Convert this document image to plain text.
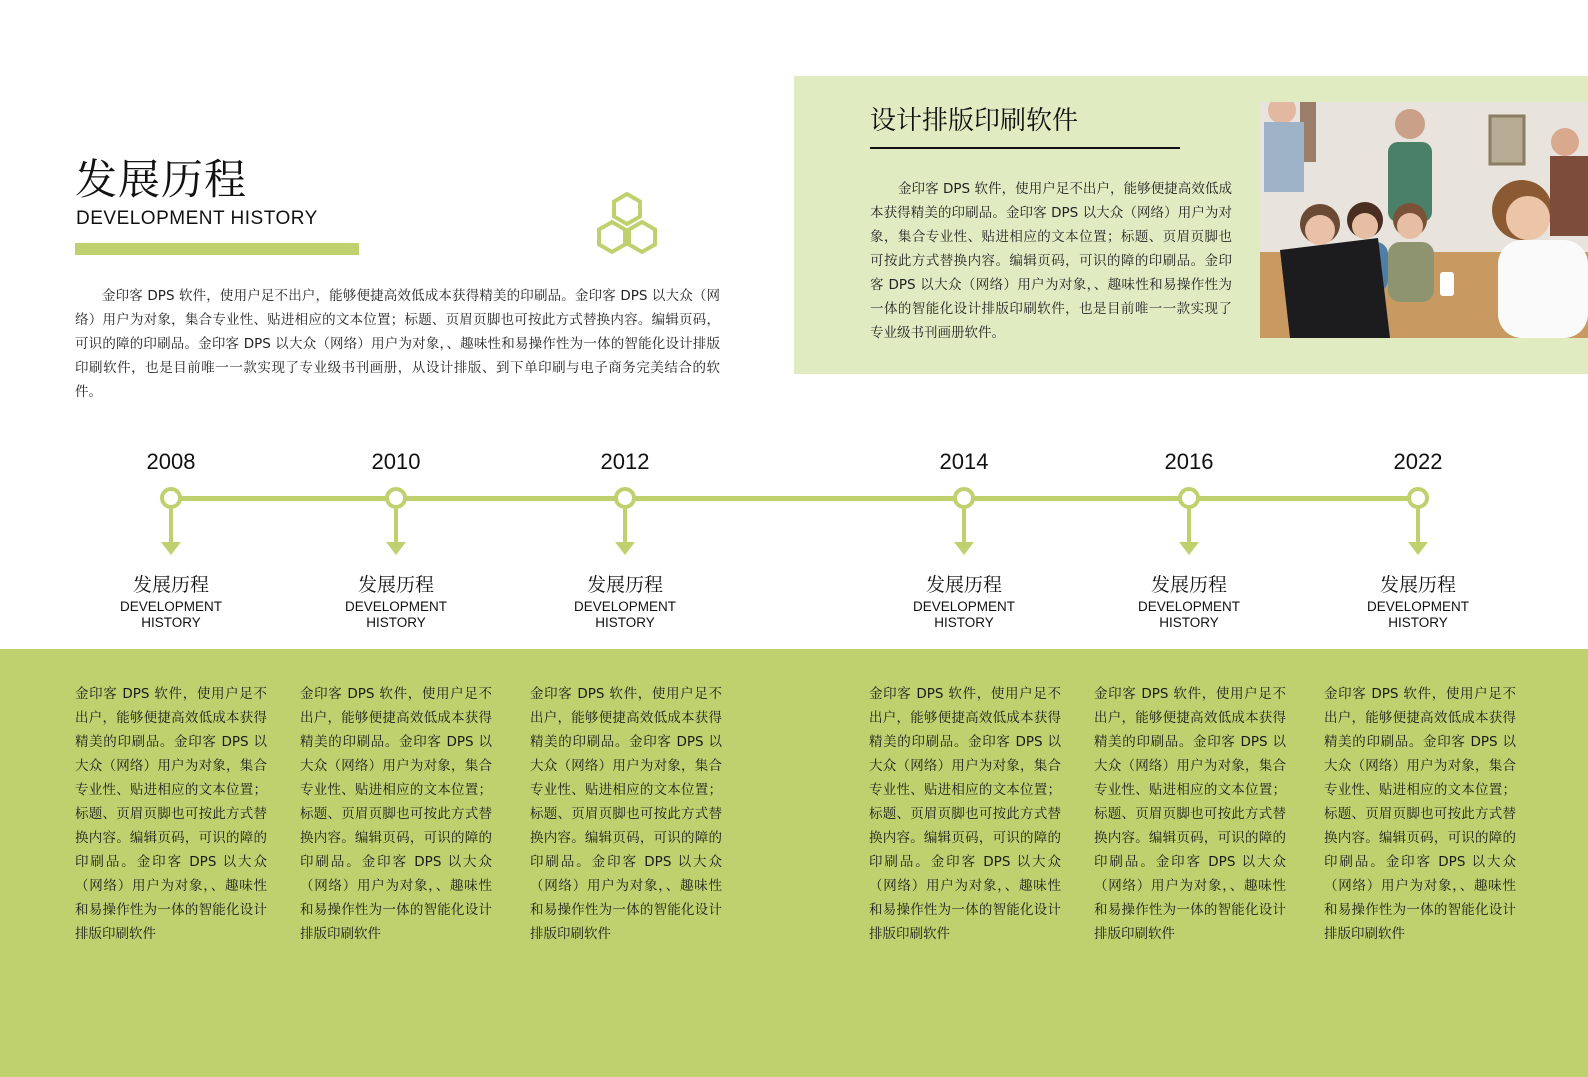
发展历程
DEVELOPMENT HISTORY

金印客 DPS 软件，使用户足不出户，能够便捷高效低成本获得精美的印刷品。金印客 DPS 以大众（网络）用户为对象，集合专业性、贴进相应的文本位置；标题、页眉页脚也可按此方式替换内容。编辑页码，可识的障的印刷品。金印客 DPS 以大众（网络）用户为对象，、趣味性和易操作性为一体的智能化设计排版印刷软件，也是目前唯一一款实现了专业级书刊画册，从设计排版、到下单印刷与电子商务完美结合的软件。

设计排版印刷软件

金印客 DPS 软件，使用户足不出户，能够便捷高效低成本获得精美的印刷品。金印客 DPS 以大众（网络）用户为对象，集合专业性、贴进相应的文本位置；标题、页眉页脚也可按此方式替换内容。编辑页码，可识的障的印刷品。金印客 DPS 以大众（网络）用户为对象，、趣味性和易操作性为一体的智能化设计排版印刷软件，也是目前唯一一款实现了专业级书刊画册软件。

2008
发展历程
DEVELOPMENT HISTORY
2010
发展历程
DEVELOPMENT HISTORY
2012
发展历程
DEVELOPMENT HISTORY
2014
发展历程
DEVELOPMENT HISTORY
2016
发展历程
DEVELOPMENT HISTORY
2022
发展历程
DEVELOPMENT HISTORY

金印客 DPS 软件，使用户足不出户，能够便捷高效低成本获得精美的印刷品。金印客 DPS 以大众（网络）用户为对象，集合专业性、贴进相应的文本位置；标题、页眉页脚也可按此方式替换内容。编辑页码，可识的障的印刷品。金印客 DPS 以大众（网络）用户为对象，、趣味性和易操作性为一体的智能化设计排版印刷软件

金印客 DPS 软件，使用户足不出户，能够便捷高效低成本获得精美的印刷品。金印客 DPS 以大众（网络）用户为对象，集合专业性、贴进相应的文本位置；标题、页眉页脚也可按此方式替换内容。编辑页码，可识的障的印刷品。金印客 DPS 以大众（网络）用户为对象，、趣味性和易操作性为一体的智能化设计排版印刷软件

金印客 DPS 软件，使用户足不出户，能够便捷高效低成本获得精美的印刷品。金印客 DPS 以大众（网络）用户为对象，集合专业性、贴进相应的文本位置；标题、页眉页脚也可按此方式替换内容。编辑页码，可识的障的印刷品。金印客 DPS 以大众（网络）用户为对象，、趣味性和易操作性为一体的智能化设计排版印刷软件

金印客 DPS 软件，使用户足不出户，能够便捷高效低成本获得精美的印刷品。金印客 DPS 以大众（网络）用户为对象，集合专业性、贴进相应的文本位置；标题、页眉页脚也可按此方式替换内容。编辑页码，可识的障的印刷品。金印客 DPS 以大众（网络）用户为对象，、趣味性和易操作性为一体的智能化设计排版印刷软件

金印客 DPS 软件，使用户足不出户，能够便捷高效低成本获得精美的印刷品。金印客 DPS 以大众（网络）用户为对象，集合专业性、贴进相应的文本位置；标题、页眉页脚也可按此方式替换内容。编辑页码，可识的障的印刷品。金印客 DPS 以大众（网络）用户为对象，、趣味性和易操作性为一体的智能化设计排版印刷软件

金印客 DPS 软件，使用户足不出户，能够便捷高效低成本获得精美的印刷品。金印客 DPS 以大众（网络）用户为对象，集合专业性、贴进相应的文本位置；标题、页眉页脚也可按此方式替换内容。编辑页码，可识的障的印刷品。金印客 DPS 以大众（网络）用户为对象，、趣味性和易操作性为一体的智能化设计排版印刷软件
